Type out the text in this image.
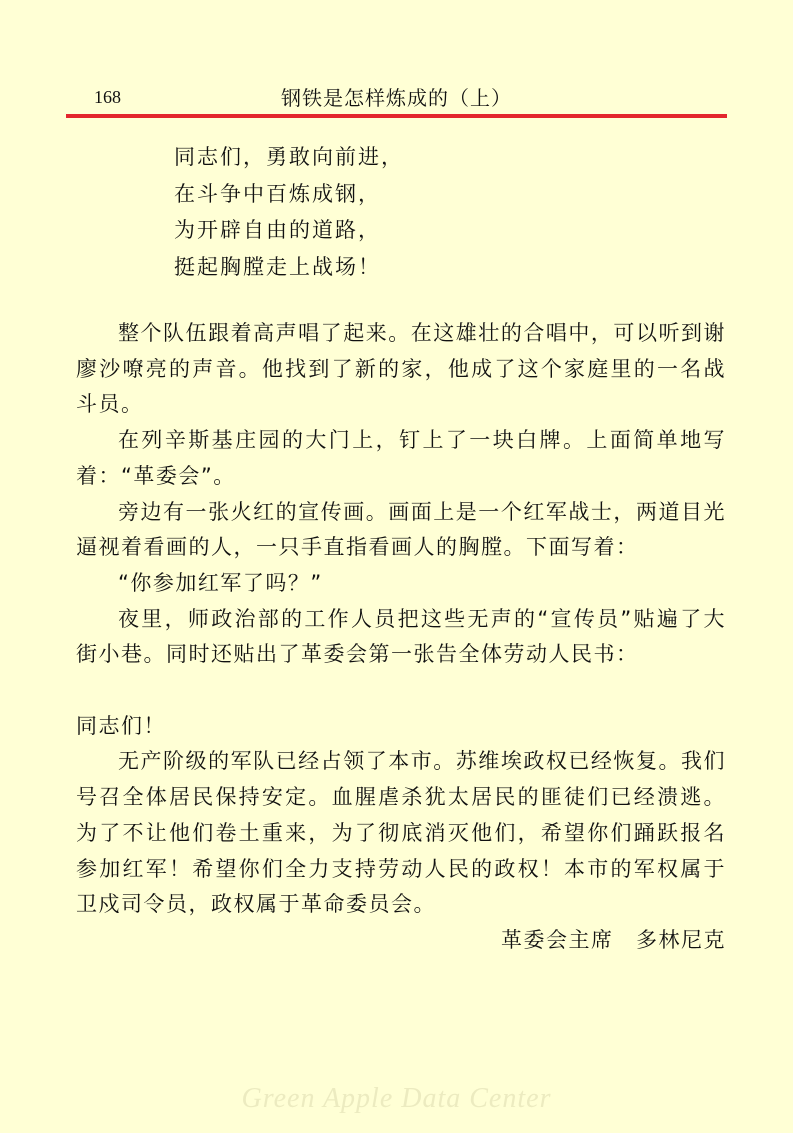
168	钢铁是怎样炼成的（上）
同志们，勇敢向前进，
在斗争中百炼成钢，
为开辟自由的道路，
挺起胸膛走上战场！

整个队伍跟着高声唱了起来。在这雄壮的合唱中，可以听到谢廖沙嘹亮的声音。他找到了新的家，他成了这个家庭里的一名战斗员。

在列辛斯基庄园的大门上，钉上了一块白牌。上面简单地写着：“革委会”。

旁边有一张火红的宣传画。画面上是一个红军战士，两道目光逼视着看画的人，一只手直指看画人的胸膛。下面写着：

“你参加红军了吗？”

夜里，师政治部的工作人员把这些无声的“宣传员”贴遍了大街小巷。同时还贴出了革委会第一张告全体劳动人民书：

同志们！

无产阶级的军队已经占领了本市。苏维埃政权已经恢复。我们号召全体居民保持安定。血腥虐杀犹太居民的匪徒们已经溃逃。为了不让他们卷土重来，为了彻底消灭他们，希望你们踊跃报名参加红军！希望你们全力支持劳动人民的政权！本市的军权属于卫戍司令员，政权属于革命委员会。

革委会主席　多林尼克

Green Apple Data Center
